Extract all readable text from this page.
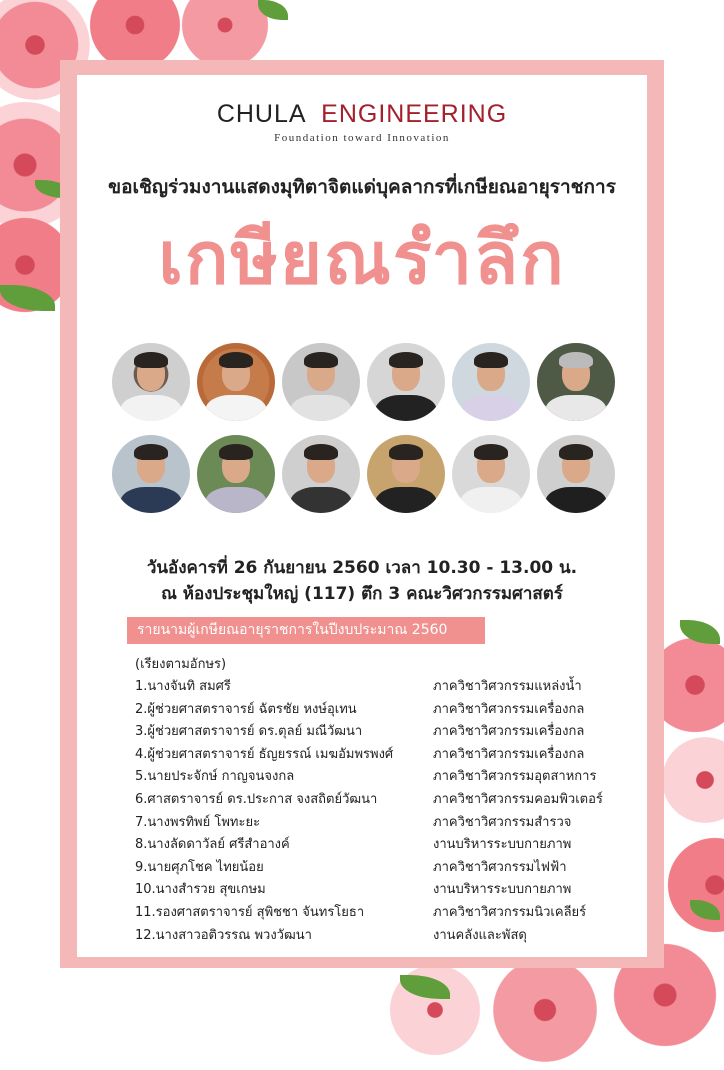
CHULA ENGINEERING
Foundation toward Innovation
ขอเชิญร่วมงานแสดงมุทิตาจิตแด่บุคลากรที่เกษียณอายุราชการ
เกษียณรำลึก
วันอังคารที่ 26 กันยายน 2560 เวลา 10.30 - 13.00 น.
ณ ห้องประชุมใหญ่ (117) ตึก 3 คณะวิศวกรรมศาสตร์
รายนามผู้เกษียณอายุราชการในปีงบประมาณ 2560
(เรียงตามอักษร)
1.นางจันทิ สมศรี	ภาควิชาวิศวกรรมแหล่งน้ำ
2.ผู้ช่วยศาสตราจารย์ ฉัตรชัย หงษ์อุเทน	ภาควิชาวิศวกรรมเครื่องกล
3.ผู้ช่วยศาสตราจารย์ ดร.ตุลย์ มณีวัฒนา	ภาควิชาวิศวกรรมเครื่องกล
4.ผู้ช่วยศาสตราจารย์ ธัญยรรณ์ เมฆอัมพรพงศ์	ภาควิชาวิศวกรรมเครื่องกล
5.นายประจักษ์ กาญจนจงกล	ภาควิชาวิศวกรรมอุตสาหการ
6.ศาสตราจารย์ ดร.ประกาส จงสถิตย์วัฒนา	ภาควิชาวิศวกรรมคอมพิวเตอร์
7.นางพรทิพย์ โพทะยะ	ภาควิชาวิศวกรรมสำรวจ
8.นางลัดดาวัลย์ ศรีสำอางค์	งานบริหารระบบกายภาพ
9.นายศุภโชค ไทยน้อย	ภาควิชาวิศวกรรมไฟฟ้า
10.นางสำรวย สุขเกษม	งานบริหารระบบกายภาพ
11.รองศาสตราจารย์ สุพิชชา จันทรโยธา	ภาควิชาวิศวกรรมนิวเคลียร์
12.นางสาวอติวรรณ พวงวัฒนา	งานคลังและพัสดุ
